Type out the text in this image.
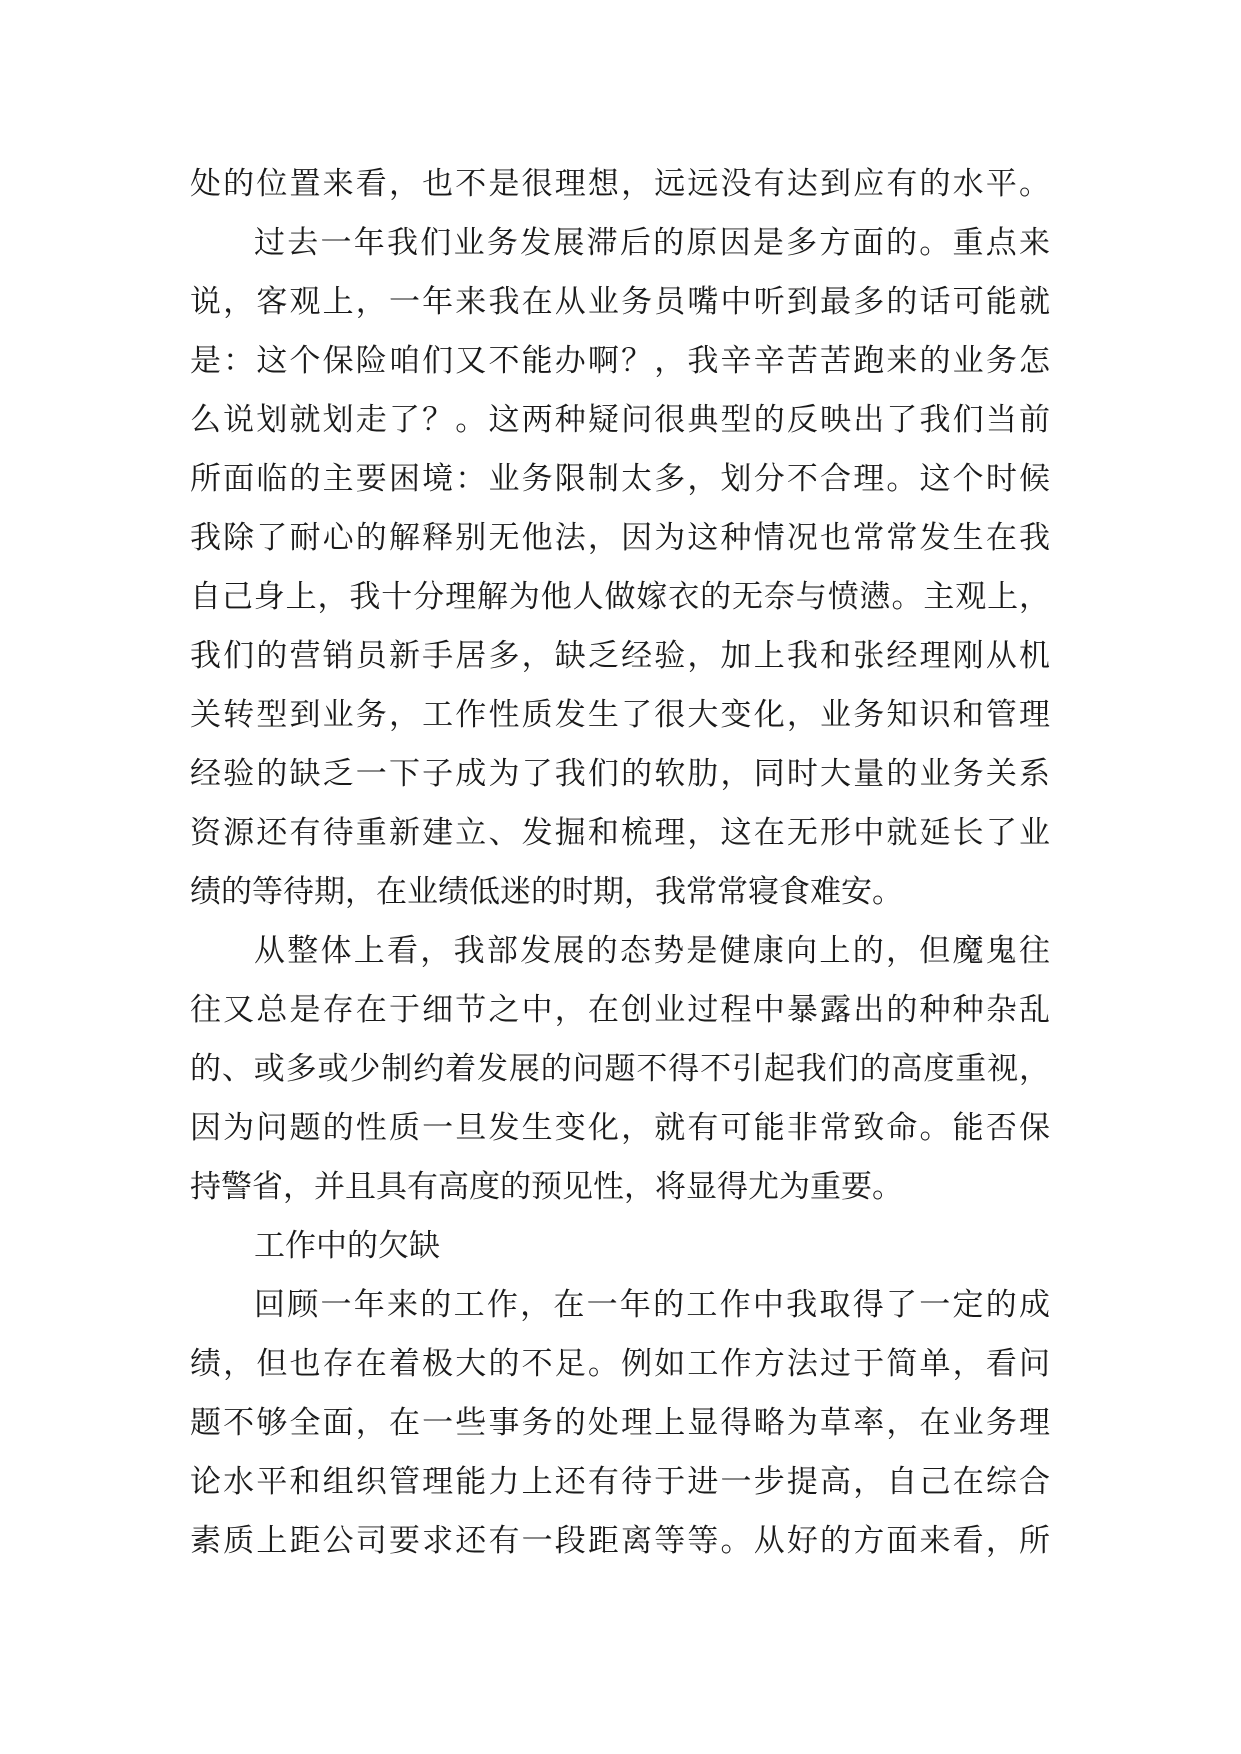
处的位置来看，也不是很理想，远远没有达到应有的水平。
过去一年我们业务发展滞后的原因是多方面的。重点来
说，客观上，一年来我在从业务员嘴中听到最多的话可能就
是：这个保险咱们又不能办啊？，我辛辛苦苦跑来的业务怎
么说划就划走了？。这两种疑问很典型的反映出了我们当前
所面临的主要困境：业务限制太多，划分不合理。这个时候
我除了耐心的解释别无他法，因为这种情况也常常发生在我
自己身上，我十分理解为他人做嫁衣的无奈与愤懑。主观上，
我们的营销员新手居多，缺乏经验，加上我和张经理刚从机
关转型到业务，工作性质发生了很大变化，业务知识和管理
经验的缺乏一下子成为了我们的软肋，同时大量的业务关系
资源还有待重新建立、发掘和梳理，这在无形中就延长了业
绩的等待期，在业绩低迷的时期，我常常寝食难安。
从整体上看，我部发展的态势是健康向上的，但魔鬼往
往又总是存在于细节之中，在创业过程中暴露出的种种杂乱
的、或多或少制约着发展的问题不得不引起我们的高度重视，
因为问题的性质一旦发生变化，就有可能非常致命。能否保
持警省，并且具有高度的预见性，将显得尤为重要。
工作中的欠缺
回顾一年来的工作，在一年的工作中我取得了一定的成
绩，但也存在着极大的不足。例如工作方法过于简单，看问
题不够全面，在一些事务的处理上显得略为草率，在业务理
论水平和组织管理能力上还有待于进一步提高，自己在综合
素质上距公司要求还有一段距离等等。从好的方面来看，所
